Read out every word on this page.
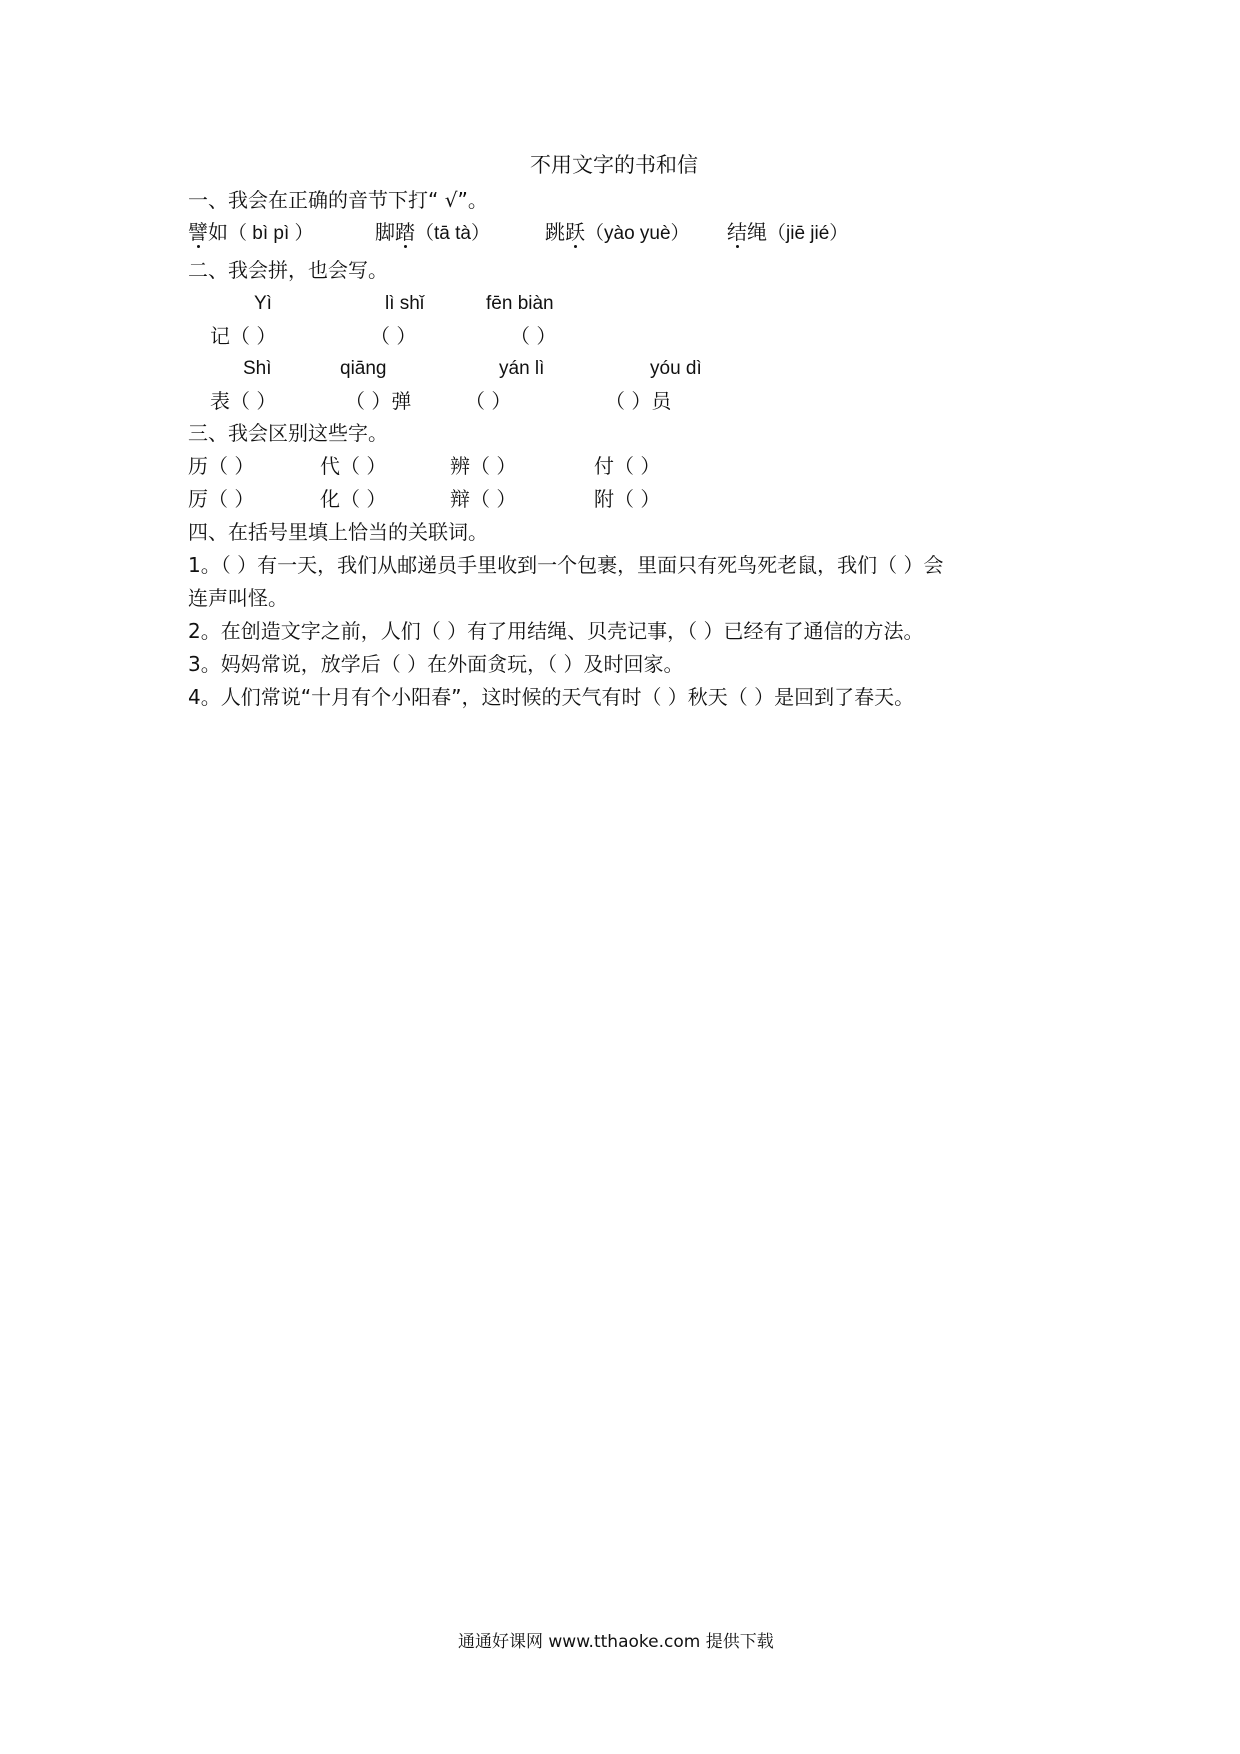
不用文字的书和信
一、我会在正确的音节下打“ √”。
譬如（ bì pì ）	脚踏（tā tà）	跳跃（yào yuè） 结绳（jiē jié）
二、我会拼，也会写。
Yì	lì shǐ	fēn biàn
记（ ）	（ ）	（ ）
Shì	qiāng	yán lì	yóu dì
表（ ）	（ ）弹	（ ）	（ ）员
三、我会区别这些字。
历（ ）	代（ ）	辨（ ）	付（ ）
厉（ ）	化（ ）	辩（ ）	附（ ）
四、在括号里填上恰当的关联词。
1。（ ）有一天，我们从邮递员手里收到一个包裹，里面只有死鸟死老鼠，我们（ ）会
连声叫怪。
2。在创造文字之前，人们（ ）有了用结绳、贝壳记事，（ ）已经有了通信的方法。
3。妈妈常说，放学后（ ）在外面贪玩，（ ）及时回家。
4。人们常说“十月有个小阳春”，这时候的天气有时（ ）秋天（ ）是回到了春天。
通通好课网 www.tthaoke.com 提供下载
